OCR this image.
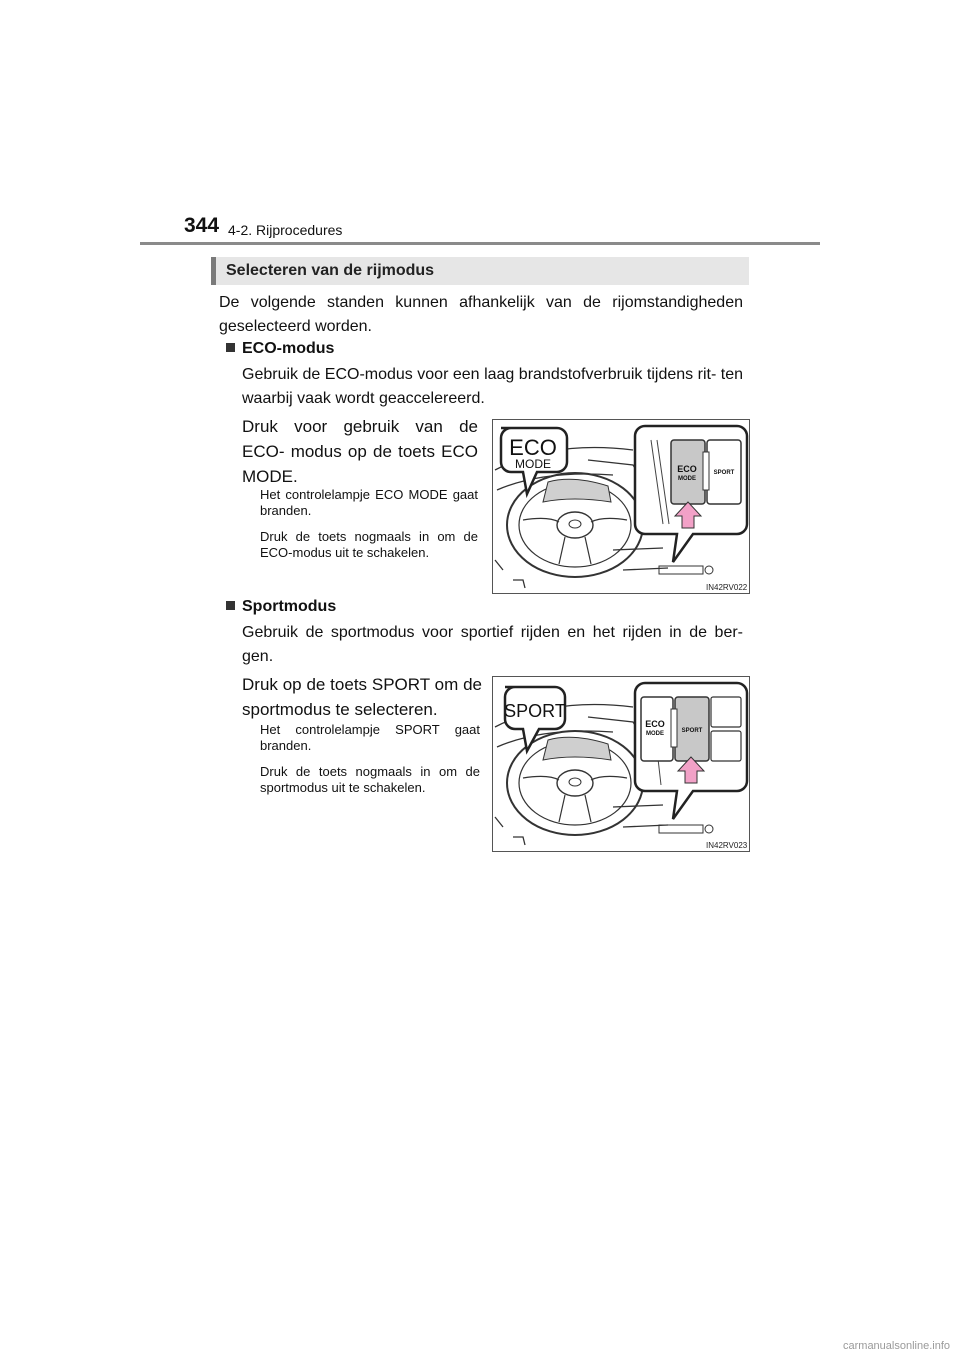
344 4-2. Rijprocedures
Selecteren van de rijmodus
De volgende standen kunnen afhankelijk van de rijomstandigheden geselecteerd worden.
ECO-modus
Gebruik de ECO-modus voor een laag brandstofverbruik tijdens rit- ten waarbij vaak wordt geaccelereerd.
Druk voor gebruik van de ECO- modus op de toets ECO MODE.
Het controlelampje ECO MODE gaat branden.
Druk de toets nogmaals in om de ECO-modus uit te schakelen.
ECO
MODE	ECO
MODE
SPORT
IN42RV022
Sportmodus
Gebruik de sportmodus voor sportief rijden en het rijden in de ber- gen.
Druk op de toets SPORT om de sportmodus te selecteren.
Het controlelampje SPORT gaat branden.
Druk de toets nogmaals in om de sportmodus uit te schakelen.
SPORT
ECO
MODE	SPORT
IN42RV023
carmanualsonline.info
